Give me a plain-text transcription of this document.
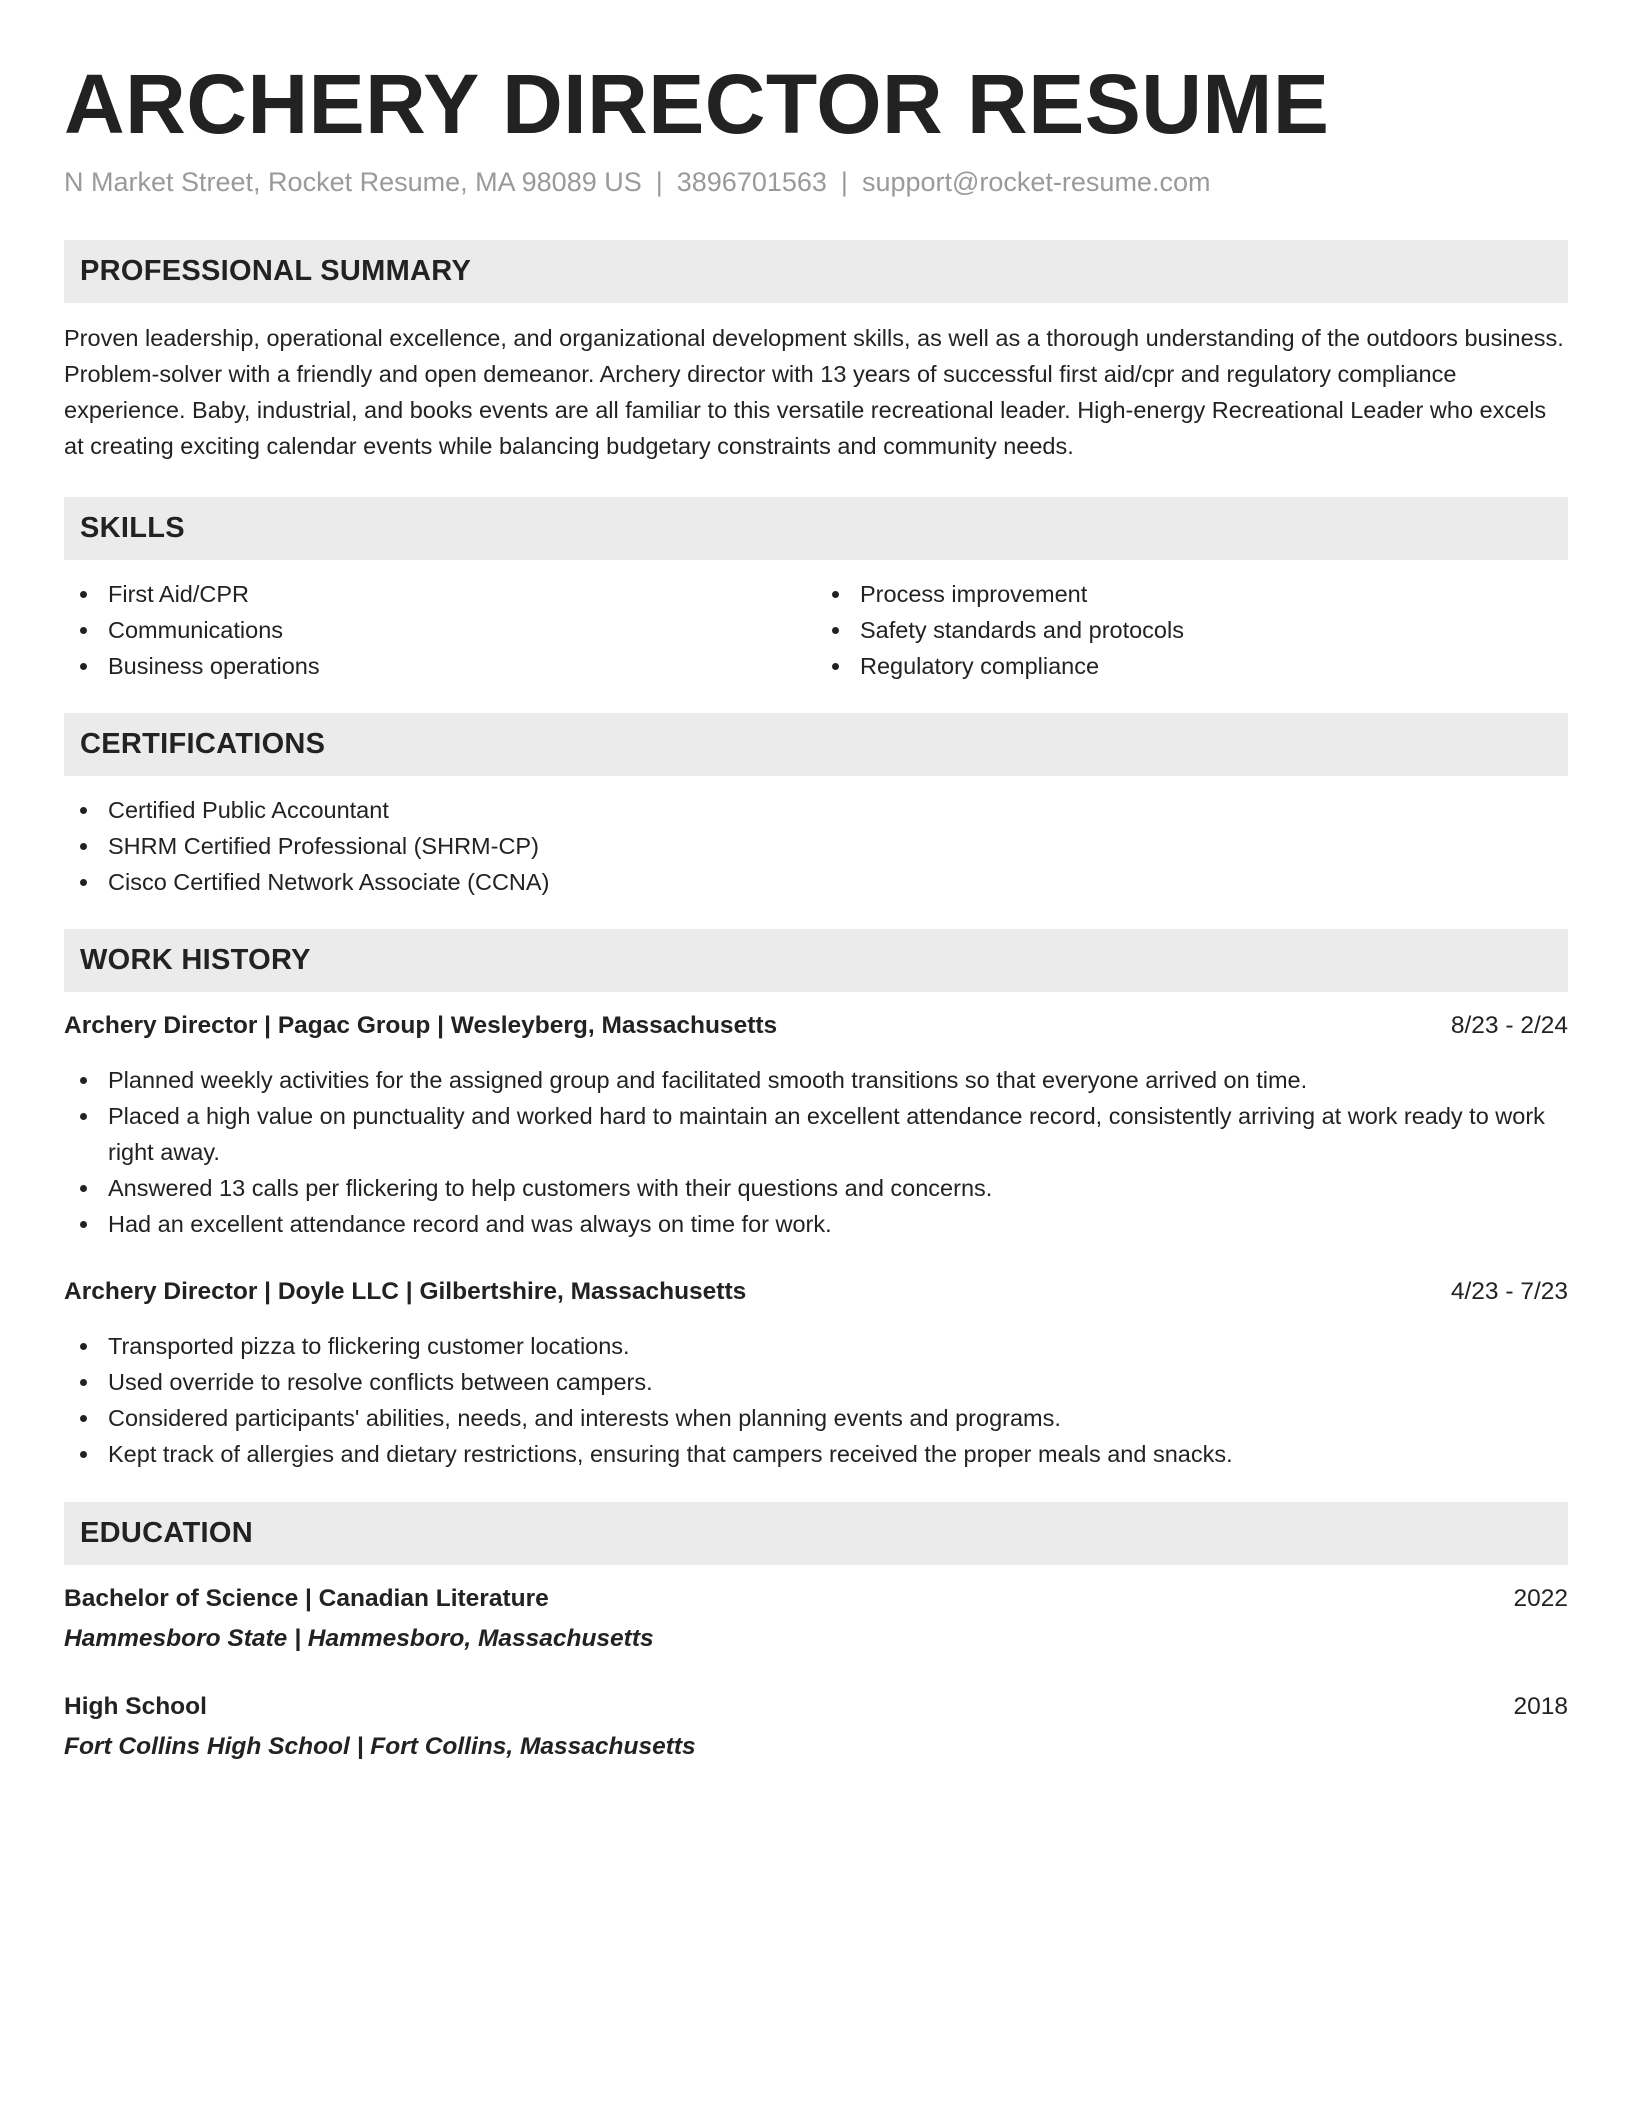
ARCHERY DIRECTOR RESUME
N Market Street, Rocket Resume, MA 98089 US | 3896701563 | support@rocket-resume.com
PROFESSIONAL SUMMARY

Proven leadership, operational excellence, and organizational development skills, as well as a thorough understanding of the outdoors business. Problem-solver with a friendly and open demeanor. Archery director with 13 years of successful first aid/cpr and regulatory compliance experience. Baby, industrial, and books events are all familiar to this versatile recreational leader. High-energy Recreational Leader who excels at creating exciting calendar events while balancing budgetary constraints and community needs.

SKILLS
First Aid/CPR
Communications
Business operations
Process improvement
Safety standards and protocols
Regulatory compliance
CERTIFICATIONS
Certified Public Accountant
SHRM Certified Professional (SHRM-CP)
Cisco Certified Network Associate (CCNA)
WORK HISTORY
Archery Director | Pagac Group | Wesleyberg, Massachusetts	8/23 - 2/24
Planned weekly activities for the assigned group and facilitated smooth transitions so that everyone arrived on time.
Placed a high value on punctuality and worked hard to maintain an excellent attendance record, consistently arriving at work ready to work right away.
Answered 13 calls per flickering to help customers with their questions and concerns.
Had an excellent attendance record and was always on time for work.
Archery Director | Doyle LLC | Gilbertshire, Massachusetts	4/23 - 7/23
Transported pizza to flickering customer locations.
Used override to resolve conflicts between campers.
Considered participants' abilities, needs, and interests when planning events and programs.
Kept track of allergies and dietary restrictions, ensuring that campers received the proper meals and snacks.
EDUCATION
Bachelor of Science | Canadian Literature	2022
Hammesboro State | Hammesboro, Massachusetts
High School	2018
Fort Collins High School | Fort Collins, Massachusetts
